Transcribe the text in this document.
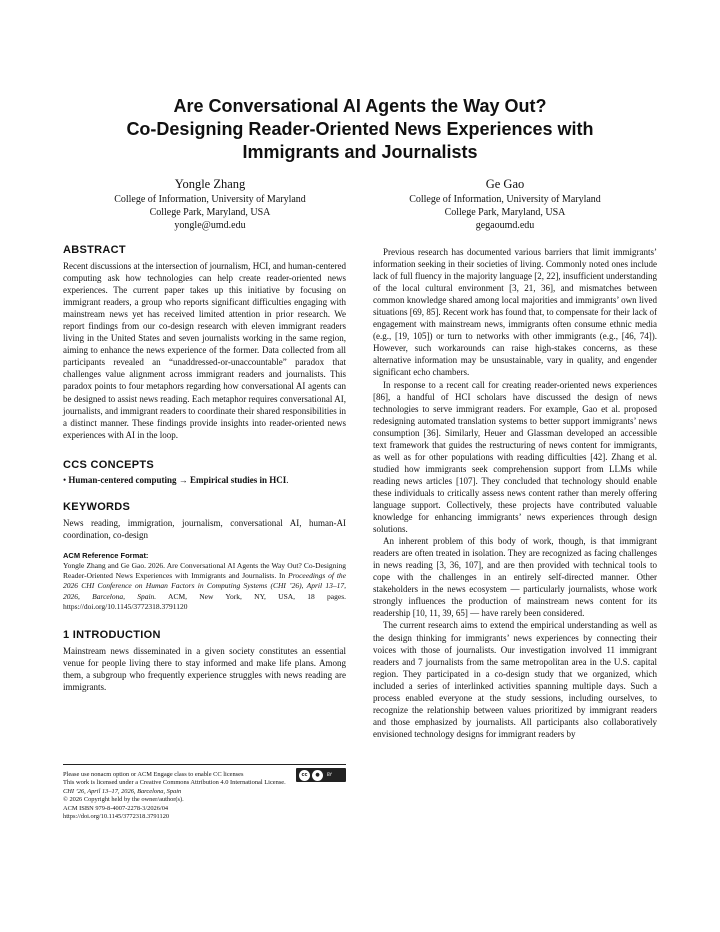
Are Conversational AI Agents the Way Out?
Co-Designing Reader-Oriented News Experiences with
Immigrants and Journalists
Yongle Zhang
College of Information, University of Maryland
College Park, Maryland, USA
yongle@umd.edu
Ge Gao
College of Information, University of Maryland
College Park, Maryland, USA
gegaoumd.edu
ABSTRACT

Recent discussions at the intersection of journalism, HCI, and human-centered computing ask how technologies can help create reader-oriented news experiences. The current paper takes up this initiative by focusing on immigrant readers, a group who reports significant difficulties engaging with mainstream news yet has received limited attention in prior research. We report findings from our co-design research with eleven immigrant readers living in the United States and seven journalists working in the same region, aiming to enhance the news experience of the former. Data collected from all participants revealed an “unaddressed-or-unaccountable” paradox that challenges value alignment across immigrant readers and journalists. This paradox points to four metaphors regarding how conversational AI agents can be designed to assist news reading. Each metaphor requires conversational AI, journalists, and immigrant readers to coordinate their shared responsibilities in a distinct manner. These findings provide insights into reader-oriented news experiences with AI in the loop.

CCS CONCEPTS
• Human-centered computing → Empirical studies in HCI.
KEYWORDS

News reading, immigration, journalism, conversational AI, human-AI coordination, co-design

ACM Reference Format:
Yongle Zhang and Ge Gao. 2026. Are Conversational AI Agents the Way Out? Co-Designing Reader-Oriented News Experiences with Immigrants and Journalists. In Proceedings of the 2026 CHI Conference on Human Factors in Computing Systems (CHI ’26), April 13–17, 2026, Barcelona, Spain. ACM, New York, NY, USA, 18 pages. https://doi.org/10.1145/3772318.3791120
1 INTRODUCTION

Mainstream news disseminated in a given society constitutes an essential venue for people living there to stay informed and make life plans. Among them, a subgroup who frequently experience struggles with news reading are immigrants.

cc	●	BY
Please use nonacm option or ACM Engage class to enable CC licenses
This work is licensed under a Creative Commons Attribution 4.0 International License.
CHI ’26, April 13–17, 2026, Barcelona, Spain
© 2026 Copyright held by the owner/author(s).
ACM ISBN 979-8-4007-2278-3/2026/04
https://doi.org/10.1145/3772318.3791120

Previous research has documented various barriers that limit immigrants’ information seeking in their societies of living. Commonly noted ones include lack of full fluency in the majority language [2, 22], insufficient understanding of the local cultural environment [3, 21, 36], and mismatches between common knowledge shared among local majorities and immigrants’ own lived situations [69, 85]. Recent work has found that, to compensate for their lack of engagement with mainstream news, immigrants often consume ethnic media (e.g., [19, 105]) or turn to networks with other immigrants (e.g., [46, 74]). However, such workarounds can raise high-stakes concerns, as these alternative information may be unsustainable, vary in quality, and engender significant echo chambers.

In response to a recent call for creating reader-oriented news experiences [86], a handful of HCI scholars have discussed the design of news technologies to serve immigrant readers. For example, Gao et al. proposed redesigning automated translation systems to better support immigrants’ news consumption [36]. Similarly, Heuer and Glassman developed an accessible text framework that guides the restructuring of news content for immigrants, as well as for other populations with reading difficulties [42]. Zhang et al. studied how immigrants seek comprehension support from LLMs while reading news articles [107]. They concluded that technology should enable these individuals to critically assess news content rather than merely offering language support. Collectively, these projects have contributed valuable knowledge for enhancing immigrants’ news experiences through design solutions.

An inherent problem of this body of work, though, is that immigrant readers are often treated in isolation. They are recognized as facing challenges in news reading [3, 36, 107], and are then provided with technical tools to cope with the challenges in an entirely self-directed manner. Other stakeholders in the news ecosystem — particularly journalists, whose work strongly influences the production of mainstream news content for its readership [10, 11, 39, 65] — have rarely been considered.

The current research aims to extend the empirical understanding as well as the design thinking for immigrants’ news experiences by connecting their voices with those of journalists. Our investigation involved 11 immigrant readers and 7 journalists from the same metropolitan area in the U.S. capital region. They participated in a co-design study that we organized, which included a series of interlinked activities spanning multiple days. Such a process enabled everyone at the study sessions, including ourselves, to recognize the relationship between values prioritized by immigrant readers and those emphasized by journalists. All participants also collaboratively envisioned technology designs for immigrant readers by
